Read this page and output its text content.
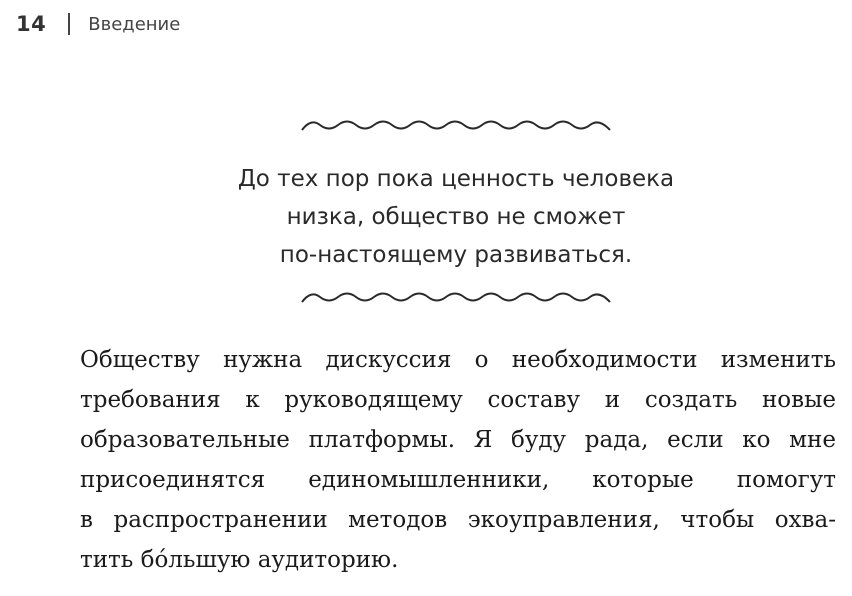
14 Введение
До тех пор пока ценность человека
низка, общество не сможет
по-настоящему развиваться.
Обществу нужна дискуссия о необходимости изменить
требования к руководящему составу и создать новые
образовательные платформы. Я буду рада, если ко мне
присоединятся единомышленники, которые помогут
в распространении методов экоуправления, чтобы охва-
тить бóльшую аудиторию.
